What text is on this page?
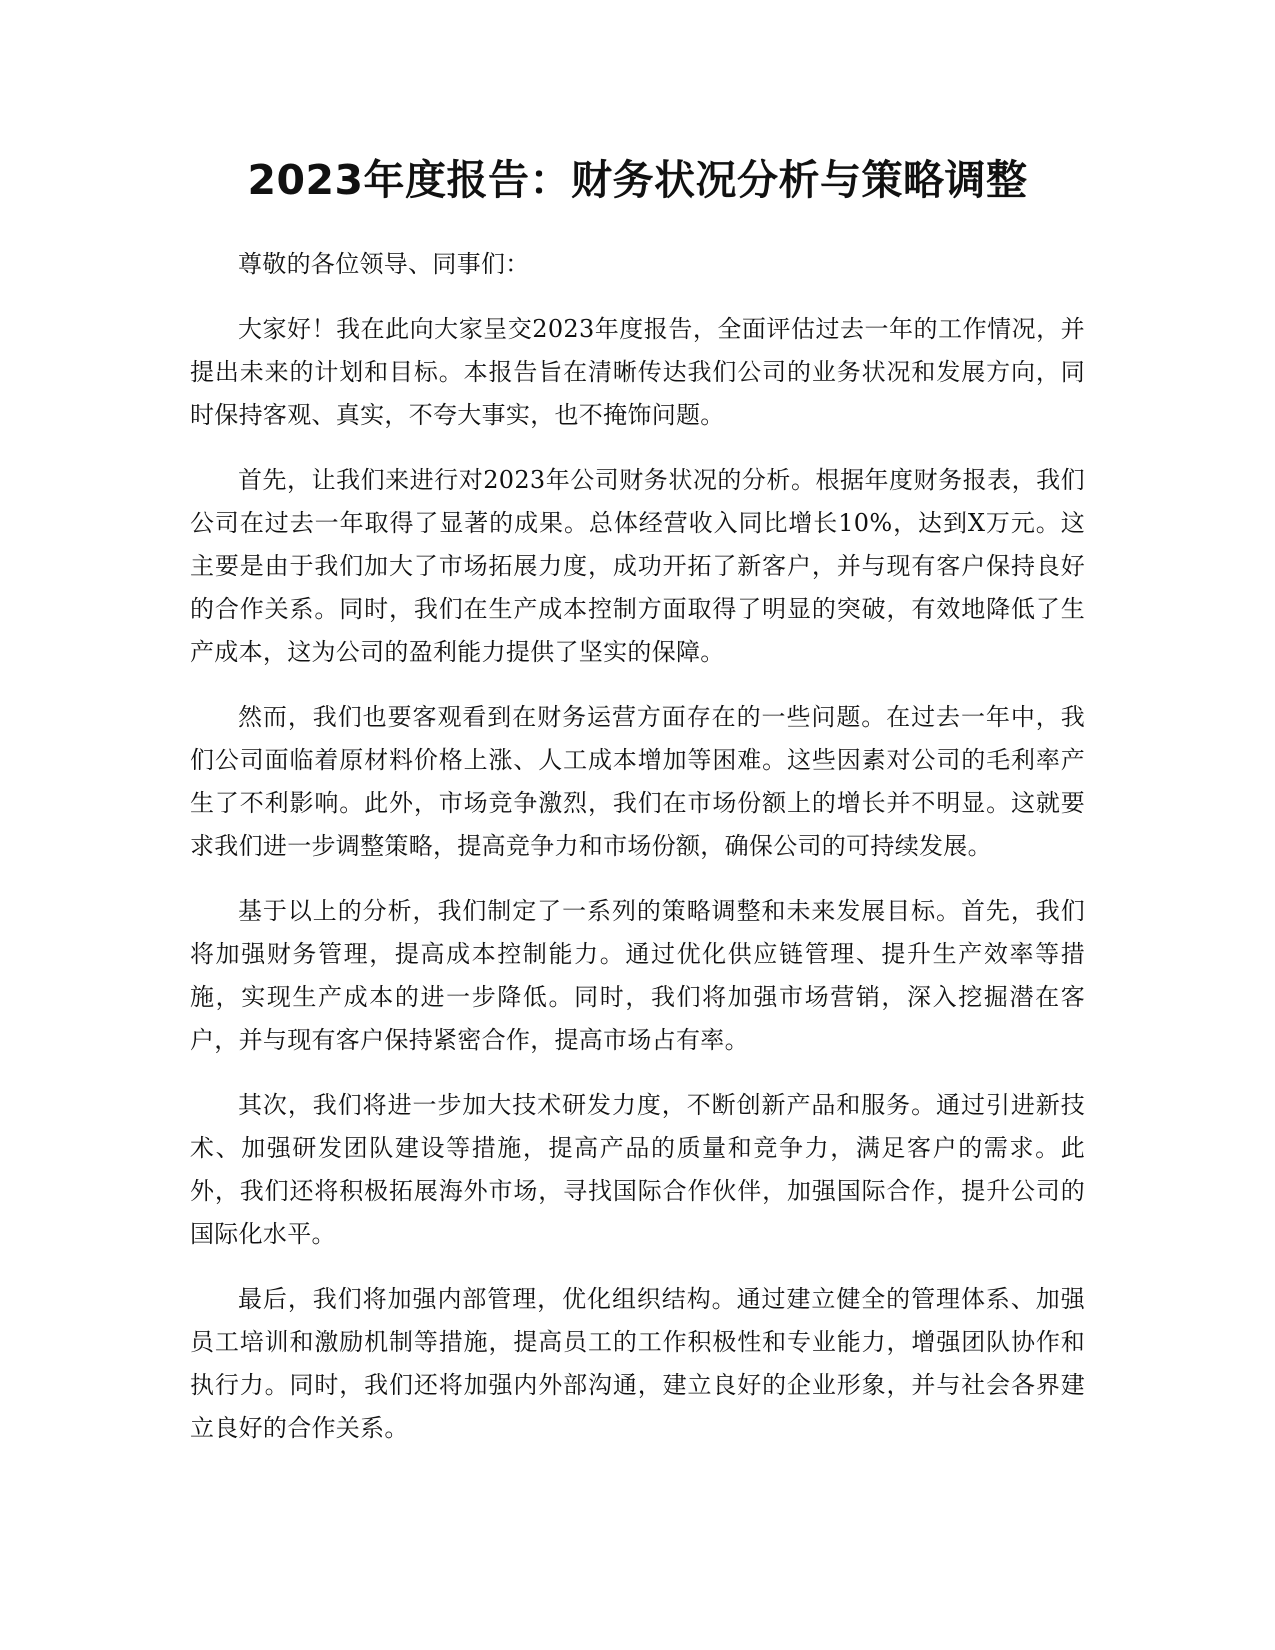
2023年度报告：财务状况分析与策略调整

尊敬的各位领导、同事们：

大家好！我在此向大家呈交2023年度报告，全面评估过去一年的工作情况，并提出未来的计划和目标。本报告旨在清晰传达我们公司的业务状况和发展方向，同时保持客观、真实，不夸大事实，也不掩饰问题。

首先，让我们来进行对2023年公司财务状况的分析。根据年度财务报表，我们公司在过去一年取得了显著的成果。总体经营收入同比增长10%，达到X万元。这主要是由于我们加大了市场拓展力度，成功开拓了新客户，并与现有客户保持良好的合作关系。同时，我们在生产成本控制方面取得了明显的突破，有效地降低了生产成本，这为公司的盈利能力提供了坚实的保障。

然而，我们也要客观看到在财务运营方面存在的一些问题。在过去一年中，我们公司面临着原材料价格上涨、人工成本增加等困难。这些因素对公司的毛利率产生了不利影响。此外，市场竞争激烈，我们在市场份额上的增长并不明显。这就要求我们进一步调整策略，提高竞争力和市场份额，确保公司的可持续发展。

基于以上的分析，我们制定了一系列的策略调整和未来发展目标。首先，我们将加强财务管理，提高成本控制能力。通过优化供应链管理、提升生产效率等措施，实现生产成本的进一步降低。同时，我们将加强市场营销，深入挖掘潜在客户，并与现有客户保持紧密合作，提高市场占有率。

其次，我们将进一步加大技术研发力度，不断创新产品和服务。通过引进新技术、加强研发团队建设等措施，提高产品的质量和竞争力，满足客户的需求。此外，我们还将积极拓展海外市场，寻找国际合作伙伴，加强国际合作，提升公司的国际化水平。

最后，我们将加强内部管理，优化组织结构。通过建立健全的管理体系、加强员工培训和激励机制等措施，提高员工的工作积极性和专业能力，增强团队协作和执行力。同时，我们还将加强内外部沟通，建立良好的企业形象，并与社会各界建立良好的合作关系。
